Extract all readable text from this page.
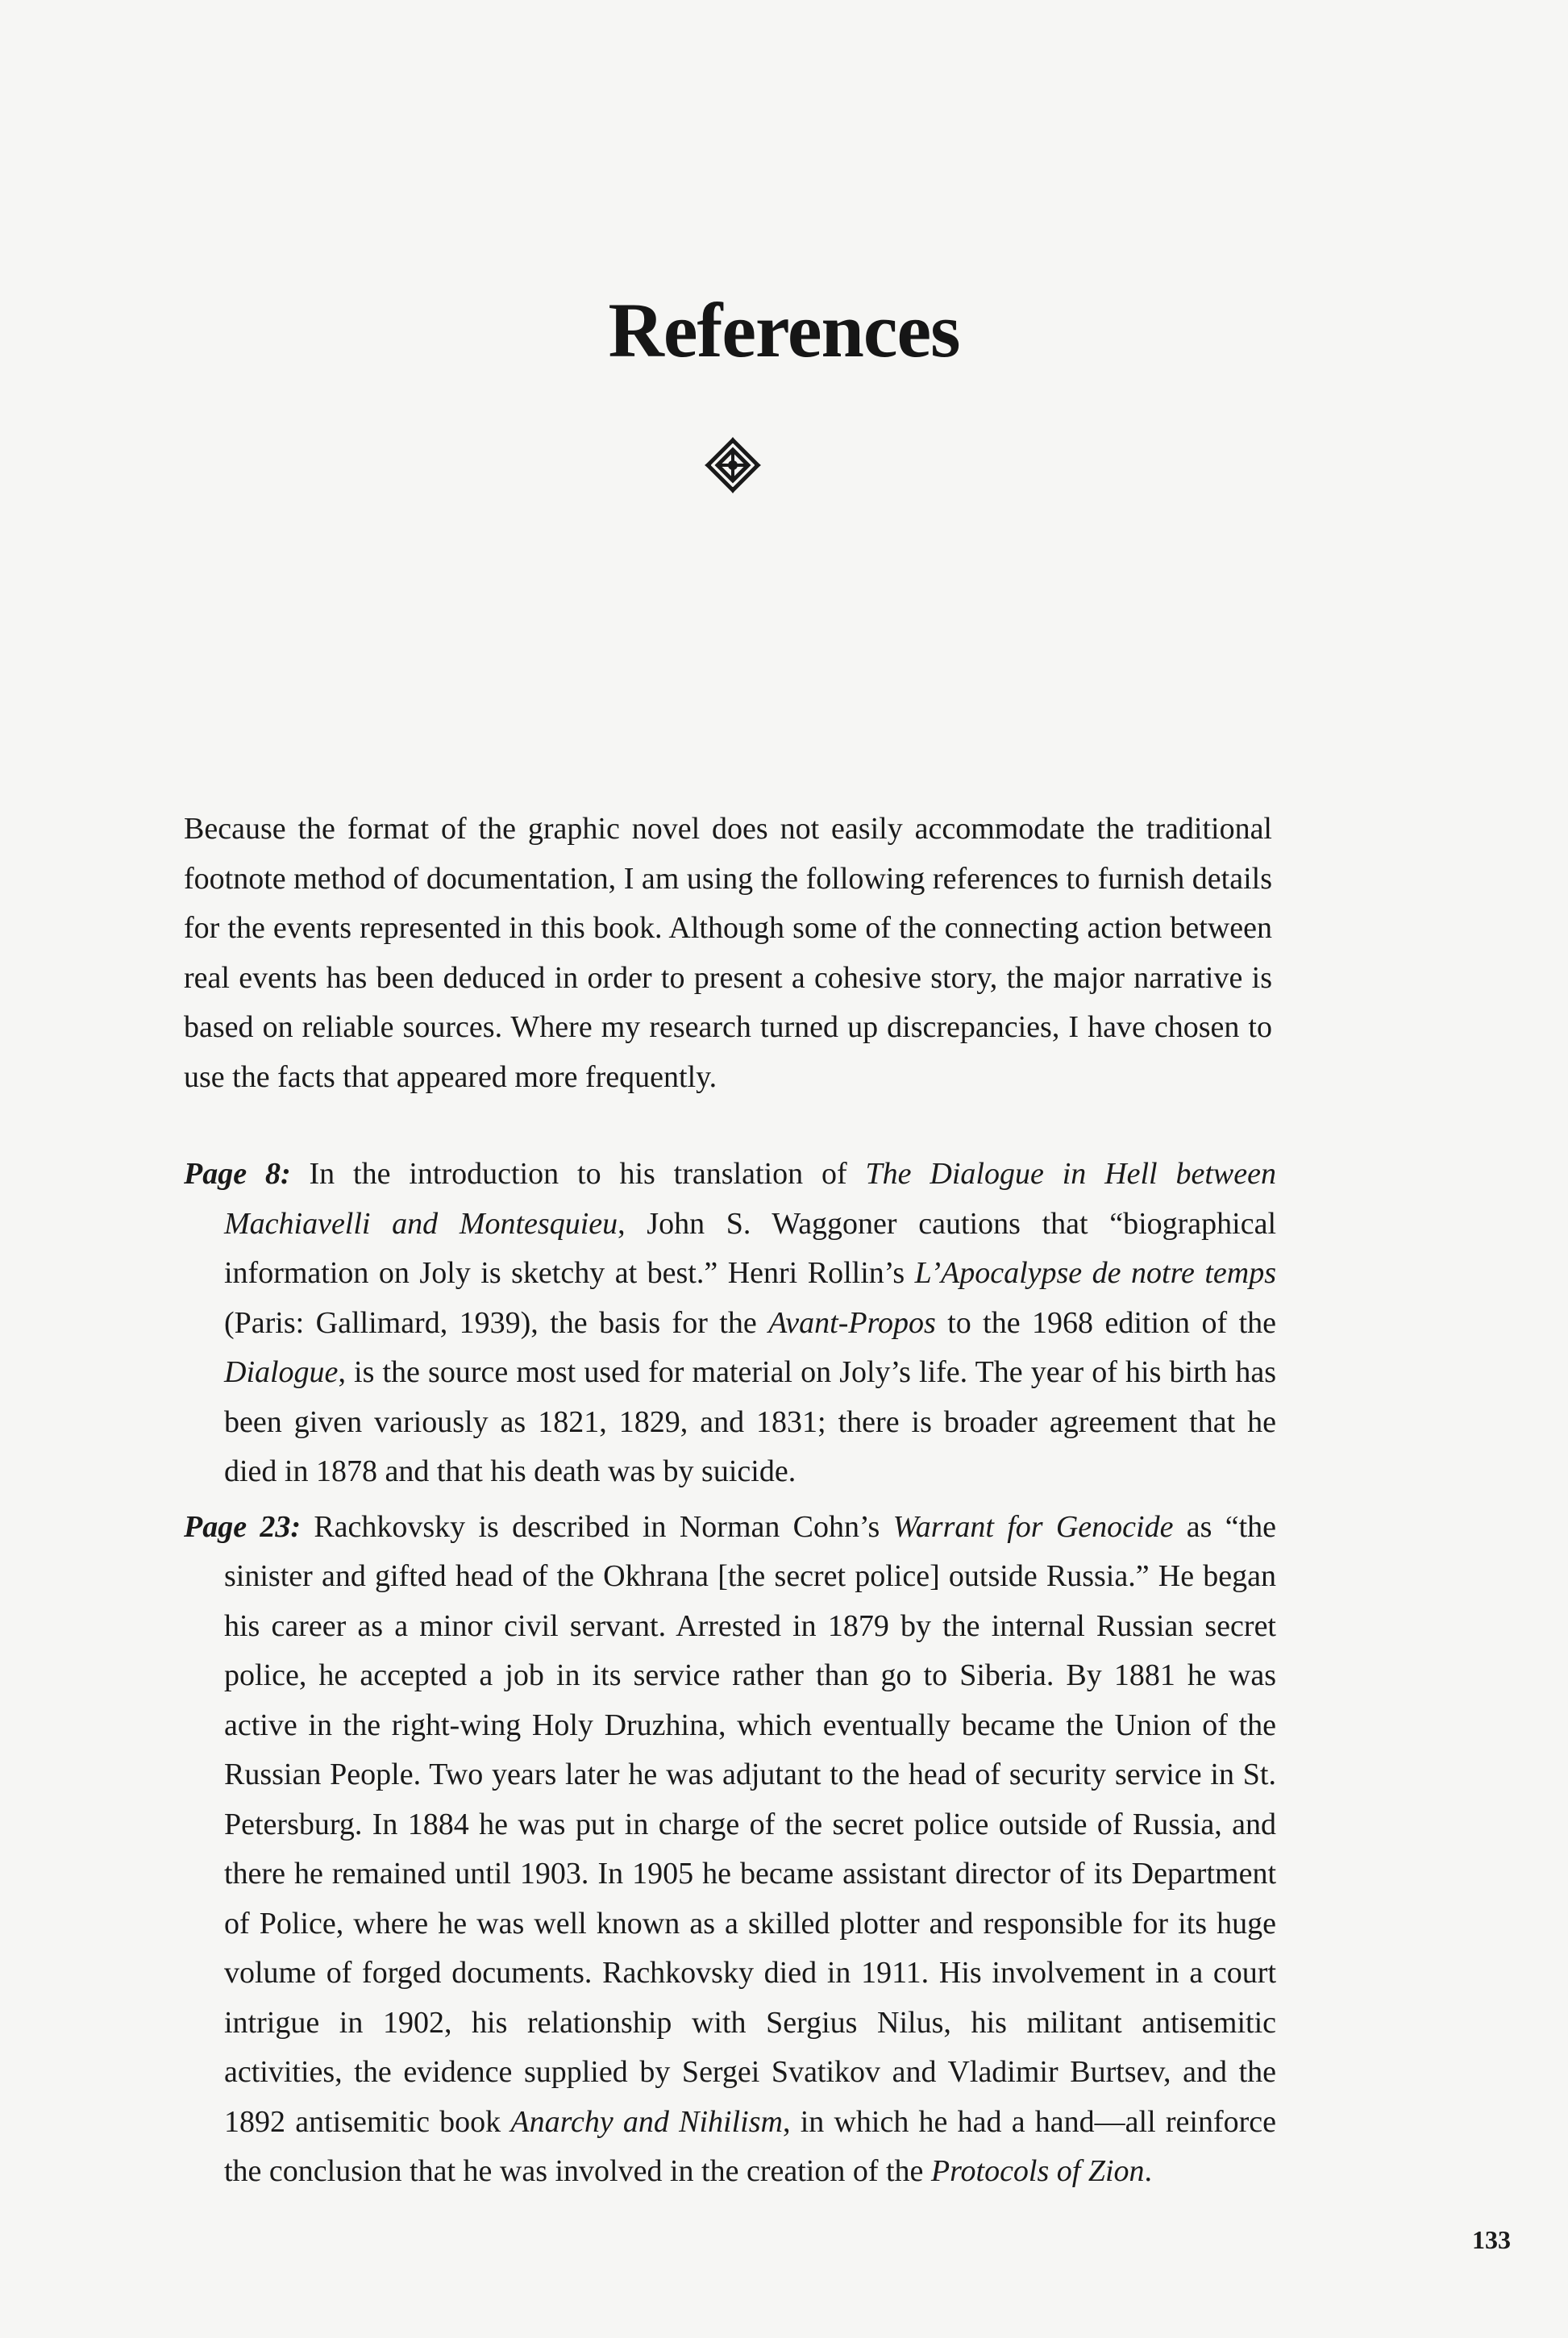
References

Because the format of the graphic novel does not easily accommodate the traditional footnote method of documentation, I am using the following references to furnish details for the events represented in this book. Although some of the connecting action between real events has been deduced in order to present a cohesive story, the major narrative is based on reliable sources. Where my research turned up discrepancies, I have chosen to use the facts that appeared more frequently.

Page 8: In the introduction to his translation of The Dialogue in Hell between Machiavelli and Montesquieu, John S. Waggoner cautions that “biographical information on Joly is sketchy at best.” Henri Rollin’s L’Apocalypse de notre temps (Paris: Gallimard, 1939), the basis for the Avant-Propos to the 1968 edition of the Dialogue, is the source most used for material on Joly’s life. The year of his birth has been given variously as 1821, 1829, and 1831; there is broader agreement that he died in 1878 and that his death was by suicide.

Page 23: Rachkovsky is described in Norman Cohn’s Warrant for Genocide as “the sinister and gifted head of the Okhrana [the secret police] outside Russia.” He began his career as a minor civil servant. Arrested in 1879 by the internal Russian secret police, he accepted a job in its service rather than go to Siberia. By 1881 he was active in the right-wing Holy Druzhina, which eventually became the Union of the Russian People. Two years later he was adjutant to the head of security service in St. Petersburg. In 1884 he was put in charge of the secret police outside of Russia, and there he remained until 1903. In 1905 he became assistant director of its Department of Police, where he was well known as a skilled plotter and responsible for its huge volume of forged documents. Rachkovsky died in 1911. His involvement in a court intrigue in 1902, his relationship with Sergius Nilus, his militant antisemitic activities, the evidence supplied by Sergei Svatikov and Vladimir Burtsev, and the 1892 antisemitic book Anarchy and Nihilism, in which he had a hand—all reinforce the conclusion that he was involved in the creation of the Protocols of Zion.

133
